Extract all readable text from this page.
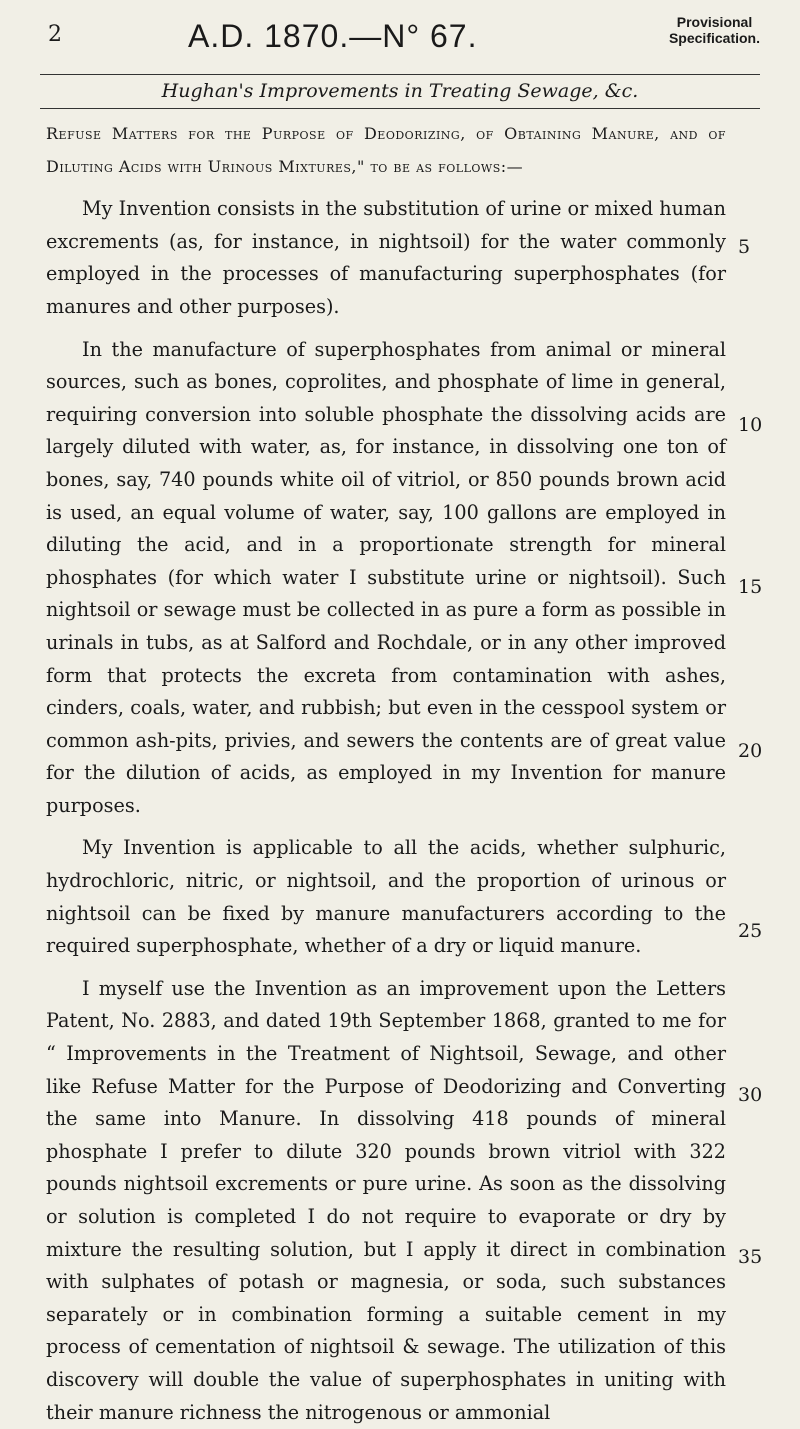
2	A.D. 1870.—N° 67.	Provisional
Specification.
Hughan's Improvements in Treating Sewage, &c.

Refuse Matters for the Purpose of Deodorizing, of Obtaining Manure, and of Diluting Acids with Urinous Mixtures," to be as follows:—

My Invention consists in the substitution of urine or mixed human excrements (as, for instance, in nightsoil) for the water commonly employed in the processes of manufacturing superphosphates (for manures and other purposes).

In the manufacture of superphosphates from animal or mineral sources, such as bones, coprolites, and phosphate of lime in general, requiring conversion into soluble phosphate the dissolving acids are largely diluted with water, as, for instance, in dissolving one ton of bones, say, 740 pounds white oil of vitriol, or 850 pounds brown acid is used, an equal volume of water, say, 100 gallons are employed in diluting the acid, and in a proportionate strength for mineral phosphates (for which water I substitute urine or nightsoil). Such nightsoil or sewage must be collected in as pure a form as possible in urinals in tubs, as at Salford and Rochdale, or in any other improved form that protects the excreta from contamination with ashes, cinders, coals, water, and rubbish; but even in the cesspool system or common ash-pits, privies, and sewers the contents are of great value for the dilution of acids, as employed in my Invention for manure purposes.

My Invention is applicable to all the acids, whether sulphuric, hydrochloric, nitric, or nightsoil, and the proportion of urinous or nightsoil can be fixed by manure manufacturers according to the required superphosphate, whether of a dry or liquid manure.

I myself use the Invention as an improvement upon the Letters Patent, No. 2883, and dated 19th September 1868, granted to me for “ Improvements in the Treatment of Nightsoil, Sewage, and other like Refuse Matter for the Purpose of Deodorizing and Converting the same into Manure. In dissolving 418 pounds of mineral phosphate I prefer to dilute 320 pounds brown vitriol with 322 pounds nightsoil excrements or pure urine. As soon as the dissolving or solution is completed I do not require to evaporate or dry by mixture the resulting solution, but I apply it direct in combination with sulphates of potash or magnesia, or soda, such substances separately or in combination forming a suitable cement in my process of cementation of nightsoil & sewage. The utilization of this discovery will double the value of superphosphates in uniting with their manure richness the nitrogenous or ammonial

5
10
15
20
25
30
35
